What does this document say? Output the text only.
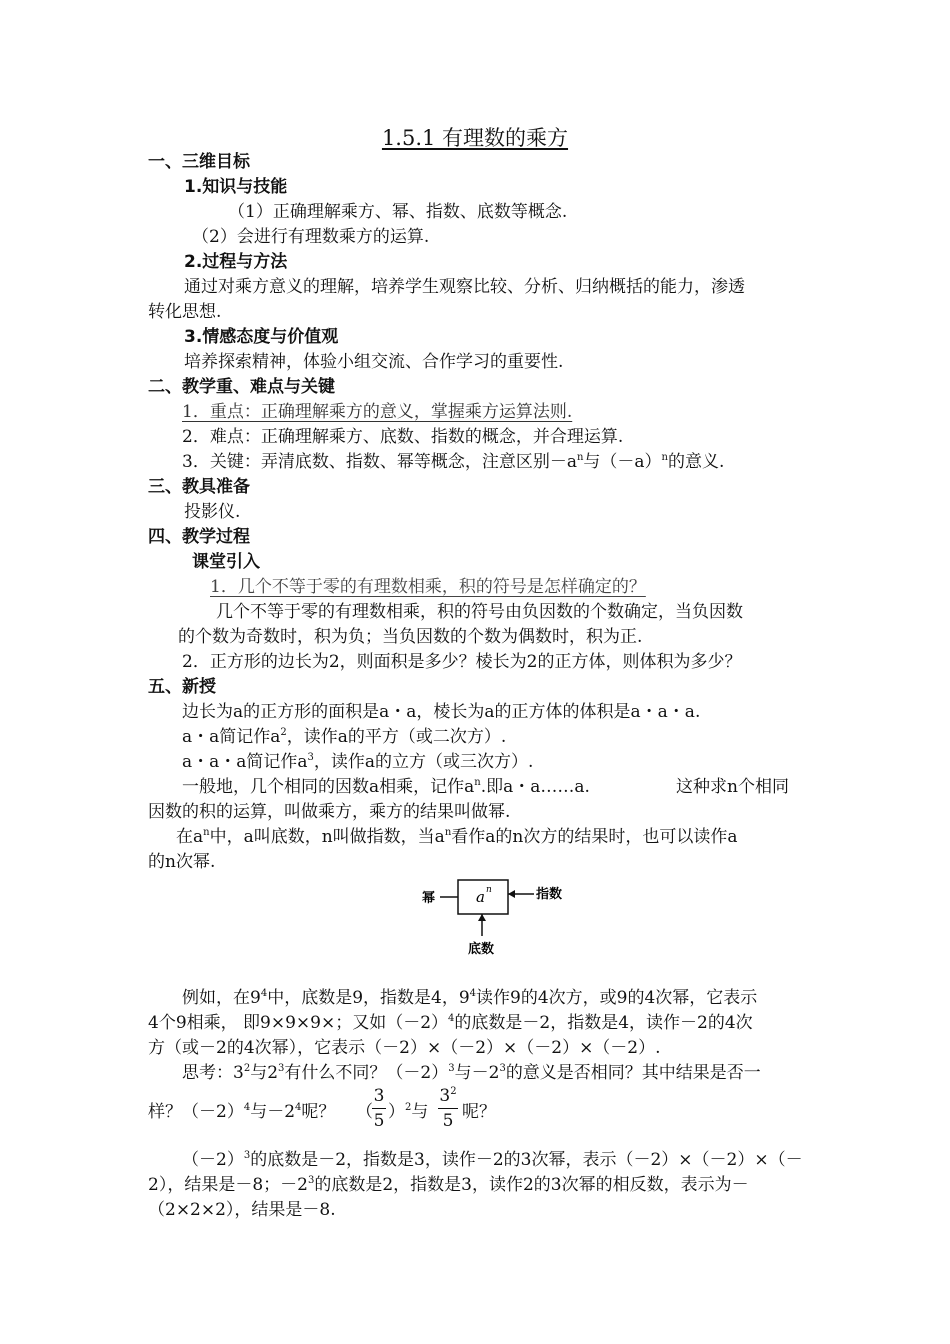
1.5.1 有理数的乘方
一、三维目标
1.知识与技能
（1）正确理解乘方、幂、指数、底数等概念.
（2）会进行有理数乘方的运算.
2.过程与方法
通过对乘方意义的理解，培养学生观察比较、分析、归纳概括的能力，渗透
转化思想.
3.情感态度与价值观
培养探索精神，体验小组交流、合作学习的重要性.
二、教学重、难点与关键
1．重点：正确理解乘方的意义，掌握乘方运算法则.
2．难点：正确理解乘方、底数、指数的概念，并合理运算.
3．关键：弄清底数、指数、幂等概念，注意区别$-a^n$与$(-a)^n$的意义.
三、教具准备
投影仪.
四、教学过程
课堂引入
1．几个不等于零的有理数相乘，积的符号是怎样确定的？
几个不等于零的有理数相乘，积的符号由负因数的个数确定，当负因数
的个数为奇数时，积为负；当负因数的个数为偶数时，积为正.
2．正方形的边长为2，则面积是多少？棱长为2的正方体，则体积为多少？
五、新授
边长为a的正方形的面积是a・a，棱长为a的正方体的体积是a・a・a.
a・a简记作$a^2$，读作a的平方（或二次方）.
a・a・a简记作$a^3$，读作a的立方（或三次方）.
一般地，几个相同的因数a相乘，记作$a^n$.即a・a……a.	这种求n个相同
因数的积的运算，叫做乘方，乘方的结果叫做幂.
在$a^n$中，a叫底数，n叫做指数，当$a^n$看作a的n次方的结果时，也可以读作a
的n次幂.
幂	a n	指数
底数
例如，在$9^4$中，底数是9，指数是4，$9^4$读作9的4次方，或9的4次幂，它表示
4个9相乘， 即9×9×9×；又如$(-2)^4$的底数是－2，指数是4，读作－2的4次
方（或－2的4次幂），它表示（－2）×（－2）×（－2）×（－2）.
思考：$3^2$与$2^3$有什么不同？$(-2)^3$与$-2^3$的意义是否相同？其中结果是否一
样？$(-2)^4$与$-2^4$呢？ （
3
5 ）$^2$与
$3^2$
5 呢？
$(-2)^3$的底数是－2，指数是3，读作－2的3次幂，表示（－2）×（－2）×（－
2），结果是－8；$-2^3$的底数是2，指数是3，读作2的3次幂的相反数，表示为－
（2×2×2），结果是－8.
